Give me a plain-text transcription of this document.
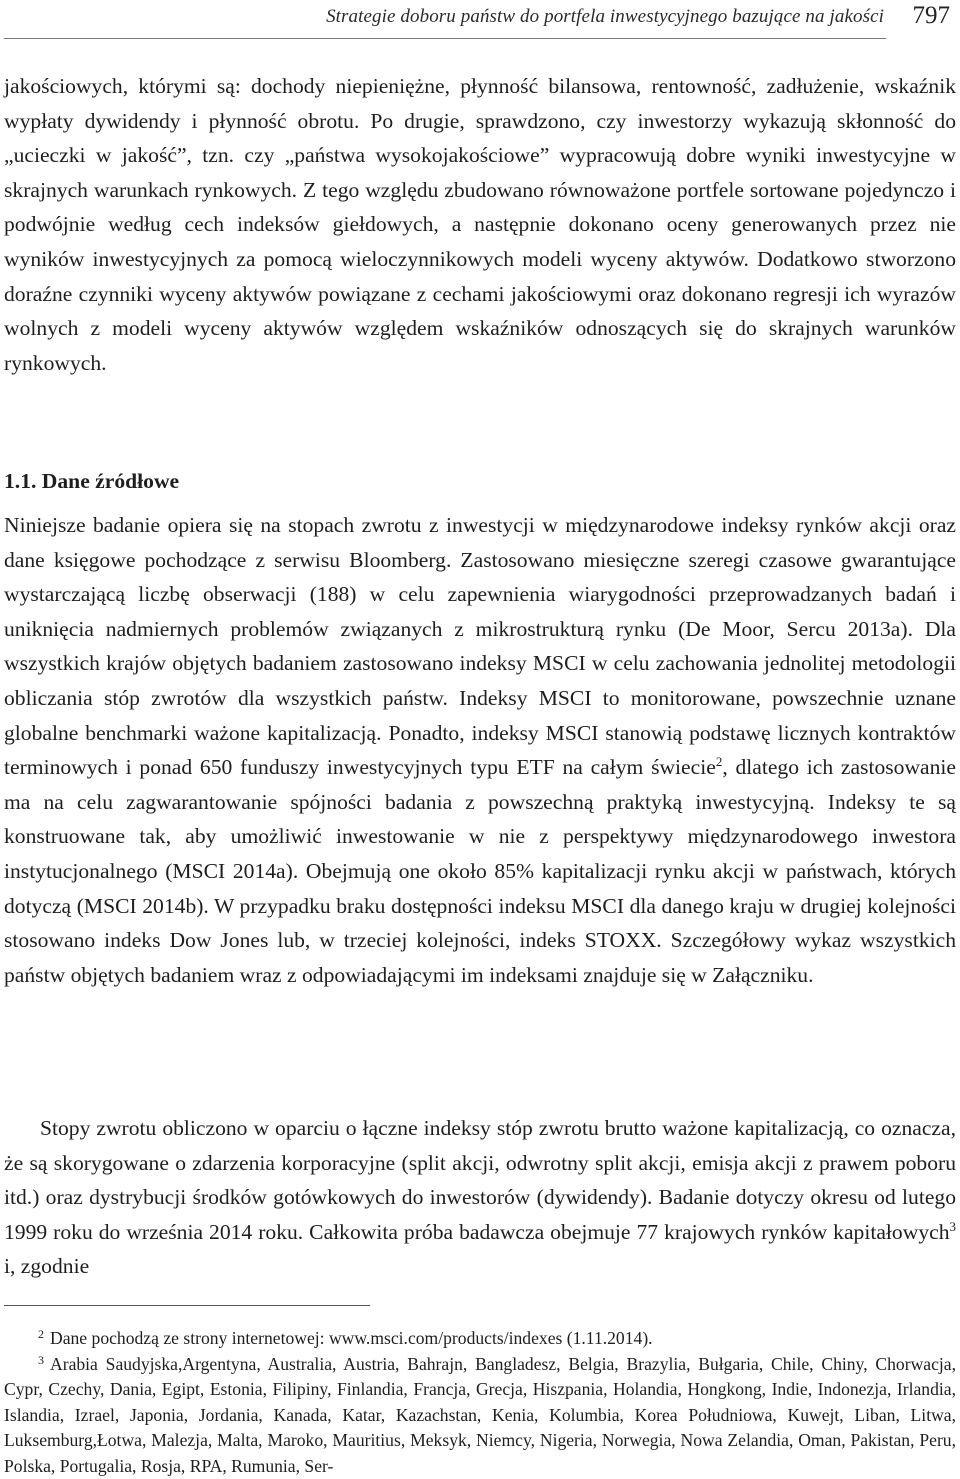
Strategie doboru państw do portfela inwestycyjnego bazujące na jakości 797

jakościowych, którymi są: dochody niepieniężne, płynność bilansowa, rentowność, zadłużenie, wskaźnik wypłaty dywidendy i płynność obrotu. Po drugie, sprawdzono, czy inwestorzy wykazują skłonność do „ucieczki w jakość”, tzn. czy „państwa wysokojakościowe” wypracowują dobre wyniki inwestycyjne w skrajnych warunkach rynkowych. Z tego względu zbudowano równoważone portfele sortowane pojedynczo i podwójnie według cech indeksów giełdowych, a następnie dokonano oceny generowanych przez nie wyników inwestycyjnych za pomocą wieloczynnikowych modeli wyceny aktywów. Dodatkowo stworzono doraźne czynniki wyceny aktywów powiązane z cechami jakościowymi oraz dokonano regresji ich wyrazów wolnych z modeli wyceny aktywów względem wskaźników odnoszących się do skrajnych warunków rynkowych.

1.1. Dane źródłowe

Niniejsze badanie opiera się na stopach zwrotu z inwestycji w międzynarodowe indeksy rynków akcji oraz dane księgowe pochodzące z serwisu Bloomberg. Zastosowano miesięczne szeregi czasowe gwarantujące wystarczającą liczbę obserwacji (188) w celu zapewnienia wiarygodności przeprowadzanych badań i uniknięcia nadmiernych problemów związanych z mikrostrukturą rynku (De Moor, Sercu 2013a). Dla wszystkich krajów objętych badaniem zastosowano indeksy MSCI w celu zachowania jednolitej metodologii obliczania stóp zwrotów dla wszystkich państw. Indeksy MSCI to monitorowane, powszechnie uznane globalne benchmarki ważone kapitalizacją. Ponadto, indeksy MSCI stanowią podstawę licznych kontraktów terminowych i ponad 650 funduszy inwestycyjnych typu ETF na całym świecie$^2$, dlatego ich zastosowanie ma na celu zagwarantowanie spójności badania z powszechną praktyką inwestycyjną. Indeksy te są konstruowane tak, aby umożliwić inwestowanie w nie z perspektywy międzynarodowego inwestora instytucjonalnego (MSCI 2014a). Obejmują one około 85% kapitalizacji rynku akcji w państwach, których dotyczą (MSCI 2014b). W przypadku braku dostępności indeksu MSCI dla danego kraju w drugiej kolejności stosowano indeks Dow Jones lub, w trzeciej kolejności, indeks STOXX. Szczegółowy wykaz wszystkich państw objętych badaniem wraz z odpowiadającymi im indeksami znajduje się w Załączniku.

Stopy zwrotu obliczono w oparciu o łączne indeksy stóp zwrotu brutto ważone kapitalizacją, co oznacza, że są skorygowane o zdarzenia korporacyjne (split akcji, odwrotny split akcji, emisja akcji z prawem poboru itd.) oraz dystrybucji środków gotówkowych do inwestorów (dywidendy). Badanie dotyczy okresu od lutego 1999 roku do września 2014 roku. Całkowita próba badawcza obejmuje 77 krajowych rynków kapitałowych$^3$ i, zgodnie

$^2$ Dane pochodzą ze strony internetowej: www.msci.com/products/indexes (1.11.2014).

$^3$ Arabia Saudyjska,Argentyna, Australia, Austria, Bahrajn, Bangladesz, Belgia, Brazylia, Bułgaria, Chile, Chiny, Chorwacja, Cypr, Czechy, Dania, Egipt, Estonia, Filipiny, Finlandia, Francja, Grecja, Hiszpania, Holandia, Hongkong, Indie, Indonezja, Irlandia, Islandia, Izrael, Japonia, Jordania, Kanada, Katar, Kazachstan, Kenia, Kolumbia, Korea Południowa, Kuwejt, Liban, Litwa, Luksemburg,Łotwa, Malezja, Malta, Maroko, Mauritius, Meksyk, Niemcy, Nigeria, Norwegia, Nowa Zelandia, Oman, Pakistan, Peru, Polska, Portugalia, Rosja, RPA, Rumunia, Ser-
